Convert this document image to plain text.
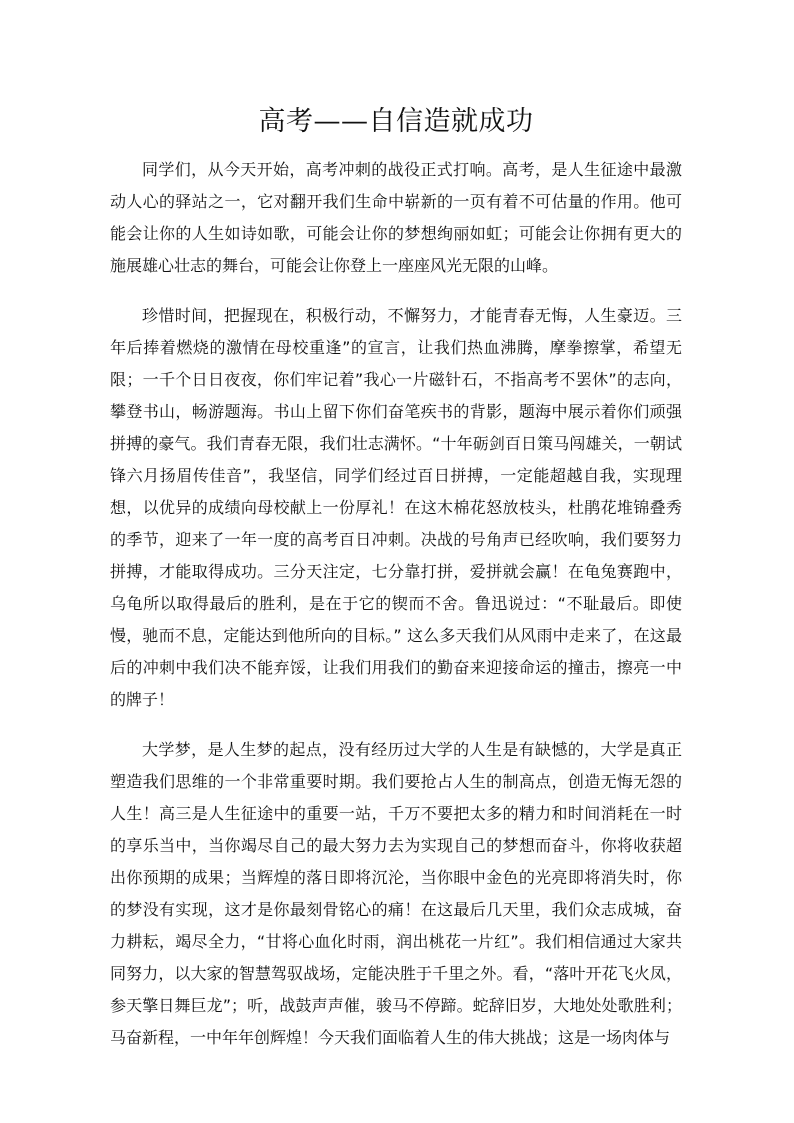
高考——自信造就成功

同学们，从今天开始，高考冲刺的战役正式打响。高考，是人生征途中最激动人心的驿站之一，它对翻开我们生命中崭新的一页有着不可估量的作用。他可能会让你的人生如诗如歌，可能会让你的梦想绚丽如虹；可能会让你拥有更大的施展雄心壮志的舞台，可能会让你登上一座座风光无限的山峰。

珍惜时间，把握现在，积极行动，不懈努力，才能青春无悔，人生豪迈。三年后捧着燃烧的激情在母校重逢”的宣言，让我们热血沸腾，摩拳擦掌，希望无限；一千个日日夜夜，你们牢记着”我心一片磁针石，不指高考不罢休”的志向，攀登书山，畅游题海。书山上留下你们奋笔疾书的背影，题海中展示着你们顽强拼搏的豪气。我们青春无限，我们壮志满怀。“十年砺剑百日策马闯雄关，一朝试锋六月扬眉传佳音”，我坚信，同学们经过百日拼搏，一定能超越自我，实现理想，以优异的成绩向母校献上一份厚礼！在这木棉花怒放枝头，杜鹃花堆锦叠秀的季节，迎来了一年一度的高考百日冲刺。决战的号角声已经吹响，我们要努力拼搏，才能取得成功。三分天注定，七分靠打拼，爱拼就会赢！在龟兔赛跑中，乌龟所以取得最后的胜利，是在于它的锲而不舍。鲁迅说过：“不耻最后。即使慢，驰而不息，定能达到他所向的目标。” 这么多天我们从风雨中走来了，在这最后的冲刺中我们决不能弃馁，让我们用我们的勤奋来迎接命运的撞击，擦亮一中的牌子！

大学梦，是人生梦的起点，没有经历过大学的人生是有缺憾的，大学是真正塑造我们思维的一个非常重要时期。我们要抢占人生的制高点，创造无悔无怨的人生！高三是人生征途中的重要一站，千万不要把太多的精力和时间消耗在一时的享乐当中，当你竭尽自己的最大努力去为实现自己的梦想而奋斗，你将收获超出你预期的成果；当辉煌的落日即将沉沦，当你眼中金色的光亮即将消失时，你的梦没有实现，这才是你最刻骨铭心的痛！在这最后几天里，我们众志成城，奋力耕耘，竭尽全力，“甘将心血化时雨，润出桃花一片红”。我们相信通过大家共同努力，以大家的智慧驾驭战场，定能决胜于千里之外。看，“落叶开花飞火凤，参天擎日舞巨龙”；听，战鼓声声催，骏马不停蹄。蛇辞旧岁，大地处处歌胜利；马奋新程，一中年年创辉煌！今天我们面临着人生的伟大挑战；这是一场肉体与
